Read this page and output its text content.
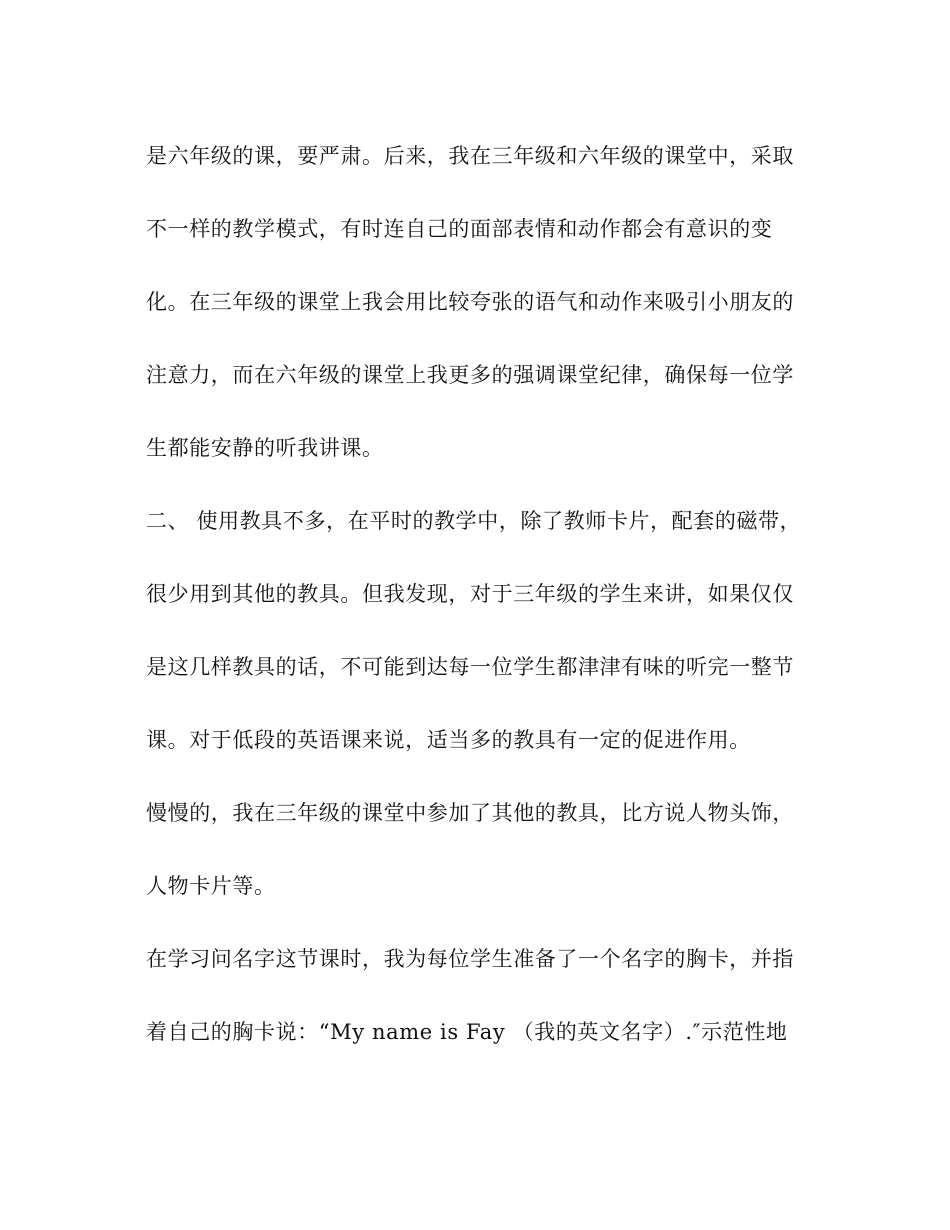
是六年级的课，要严肃。后来，我在三年级和六年级的课堂中，采取
不一样的教学模式，有时连自己的面部表情和动作都会有意识的变
化。在三年级的课堂上我会用比较夸张的语气和动作来吸引小朋友的
注意力，而在六年级的课堂上我更多的强调课堂纪律，确保每一位学
生都能安静的听我讲课。
二、 使用教具不多，在平时的教学中，除了教师卡片，配套的磁带，
很少用到其他的教具。但我发现，对于三年级的学生来讲，如果仅仅
是这几样教具的话，不可能到达每一位学生都津津有味的听完一整节
课。对于低段的英语课来说，适当多的教具有一定的促进作用。
慢慢的，我在三年级的课堂中参加了其他的教具，比方说人物头饰，
人物卡片等。
在学习问名字这节课时，我为每位学生准备了一个名字的胸卡，并指
着自己的胸卡说：“My name is Fay （我的英文名字）.″示范性地
